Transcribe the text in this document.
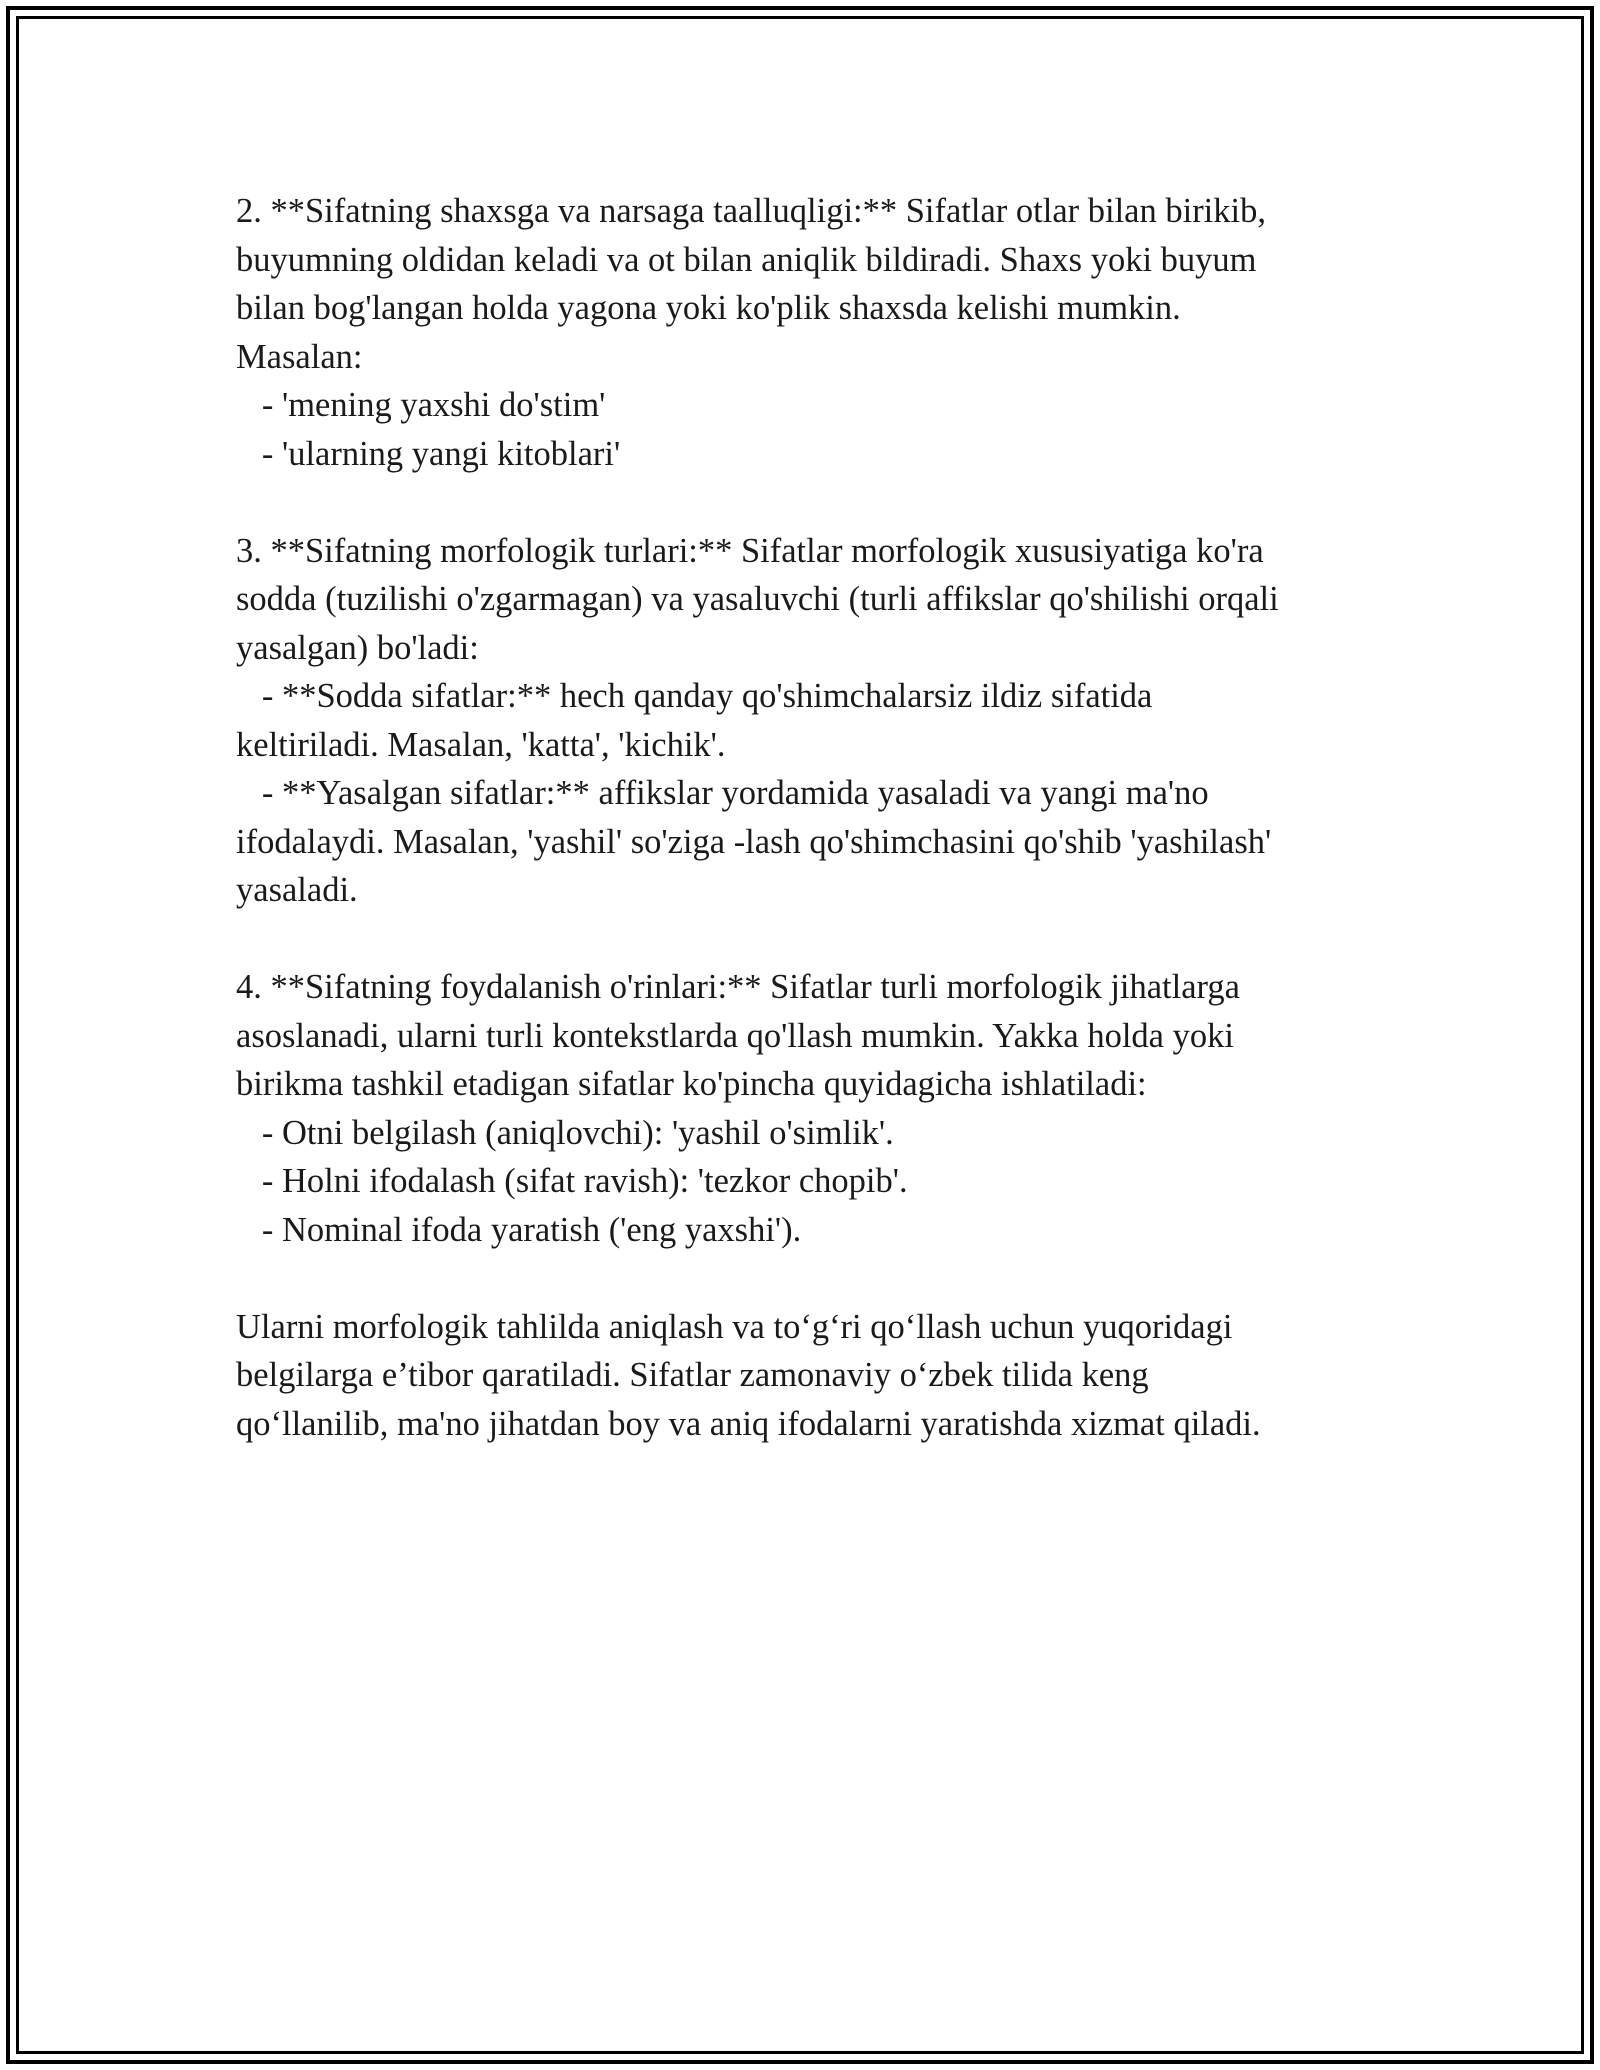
2. **Sifatning shaxsga va narsaga taalluqligi:** Sifatlar otlar bilan birikib,
buyumning oldidan keladi va ot bilan aniqlik bildiradi. Shaxs yoki buyum
bilan bog'langan holda yagona yoki ko'plik shaxsda kelishi mumkin.
Masalan:
- 'mening yaxshi do'stim'
- 'ularning yangi kitoblari'
3. **Sifatning morfologik turlari:** Sifatlar morfologik xususiyatiga ko'ra
sodda (tuzilishi o'zgarmagan) va yasaluvchi (turli affikslar qo'shilishi orqali
yasalgan) bo'ladi:
- **Sodda sifatlar:** hech qanday qo'shimchalarsiz ildiz sifatida
keltiriladi. Masalan, 'katta', 'kichik'.
- **Yasalgan sifatlar:** affikslar yordamida yasaladi va yangi ma'no
ifodalaydi. Masalan, 'yashil' so'ziga -lash qo'shimchasini qo'shib 'yashilash'
yasaladi.
4. **Sifatning foydalanish o'rinlari:** Sifatlar turli morfologik jihatlarga
asoslanadi, ularni turli kontekstlarda qo'llash mumkin. Yakka holda yoki
birikma tashkil etadigan sifatlar ko'pincha quyidagicha ishlatiladi:
- Otni belgilash (aniqlovchi): 'yashil o'simlik'.
- Holni ifodalash (sifat ravish): 'tezkor chopib'.
- Nominal ifoda yaratish ('eng yaxshi').
Ularni morfologik tahlilda aniqlash va to‘g‘ri qo‘llash uchun yuqoridagi
belgilarga e’tibor qaratiladi. Sifatlar zamonaviy o‘zbek tilida keng
qo‘llanilib, ma'no jihatdan boy va aniq ifodalarni yaratishda xizmat qiladi.
